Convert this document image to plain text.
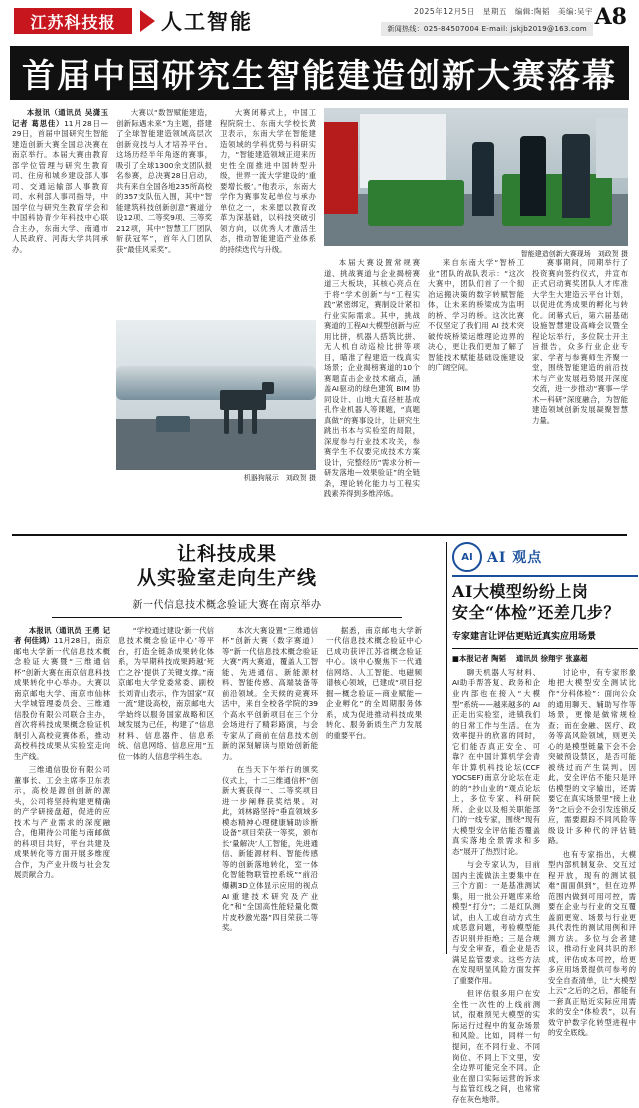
江苏科技报	人工智能	2025年12月5日　星期五　编辑:陶韬　美编:吴宇
新闻热线：025-84507004 E-mail: jskjb2019@163.com A8
首届中国研究生智能建造创新大赛落幕

本报讯（通讯员 吴潇玉 记者 葛思佳）11月28日—29日，首届中国研究生智能建造创新大赛全国总决赛在南京举行。本届大赛由教育部学位管理与研究生教育司、住房和城乡建设部人事司、交通运输部人事教育司、水利部人事司指导，中国学位与研究生教育学会和中国科协青少年科技中心联合主办，东南大学、南通市人民政府、河海大学共同承办。

大赛以“数智赋能建造，创新际遇未来”为主题，搭建了全球智能建造领域高层次创新竞技与人才培养平台。这场历经半年角逐的赛事，吸引了全球1300余支团队报名参赛，总决赛28日启动，共有来自全国各地235所高校的357支队伍入围，其中“智能建筑科技创新创意”赛道分设12项、二等奖9项、三等奖212项，其中“智慧工厂团队斩获冠军”，首年入门团队获“最佳风采奖”。

大赛闭幕式上，中国工程院院士、东南大学校长黄卫表示，东南大学在智能建造领域的学科优势与科研实力，“智能建造领域正迎来历史性全面推进中国转型升级，世界一流大学建设的‘重要增长极’。”他表示，东南大学作为赛事发起单位与承办单位之一，未来愿以教育改革为深基础，以科技突破引领方向，以优秀人才激活生态，推动智能建造产业体系的持续迭代与升级。

智能建造创新大赛现场　刘政贺 摄

本届大赛设置常规赛道、挑战赛道与企业揭榜赛道三大板块，其核心亮点在于将“学术创新”与“工程实践”紧密绑定，赛制设计紧扣行业实际需求。其中，挑战赛道的工程AI大模型创新与应用比拼，机器人搭筑比拼、无人机自动巡检比拼等项目，瞄准了程建造一线真实场景；企业揭榜赛道的10个赛题直击企业技术痛点，涵盖AI驱动的绿色建筑 BIM 协同设计、山地大直径桩基成孔作业机器人等课题，“真题真做”的赛事设计，让研究生跳出书本与实验室的局限，深度参与行业技术攻关，参赛学生不仅要完成技术方案设计，完整经历“需求分析—研发落地—效果验证”的全链条，理论转化能力与工程实践素养得到多维淬炼。

来自东南大学“智桥工业”团队的战队表示：“这次大赛中，团队们首了一个彻冶运搬决策的数字转赋智能体，让未来的桥梁成为监明的桥、学习的桥。这次比赛不仅坚定了我们用 AI 技术突破传统桥梁运维理论边界的决心，更让我们更加了解了智能技术赋能基础设施建设的广阔空间。

赛事期间，同期举行了投资赛向签约仪式，并宣布正式启动赛奖团队人才库准大学生大建造云平台计划，以促进优秀成果的孵化与转化。闭幕式后，第六届基础设施智慧建设高峰会议暨全程论坛举行，多位院士开主旨报告，众多行业企业专家、学者与参赛师生齐聚一堂，围绕智能建造的前沿技术与产业发展趋势展开深度交流，进一步推动“赛事—学术—科研”深度融合，为智能建造领域创新发展凝聚智慧力量。

机器狗展示　刘政贺 摄
让科技成果
从实验室走向生产线
新一代信息技术概念验证大赛在南京举办

本报讯（通讯员 王勇 记者 何佳鸿）11月28日，南京邮电大学新一代信息技术概念验证大赛暨“三维通信杯”创新大赛在南京信息科技成果转化中心举办。大赛以南京邮电大学、南京市仙林大学城管理委员会、三维通信股份有限公司联合主办，首次将科技成果概念验证机制引入高校竞赛体系，推动高校科技成果从实验室走向生产线。

三维通信股份有限公司董事长、工会主席李卫东表示，高校是源创创新的源头，公司将坚持构建更精确的产学研接盘超，促进的应技术与产业需求的深度融合，他期待公司能与南邮做的科项目共好，平台共建及成果转化等方面开展多维度合作，为产业升级与社会发展贡献合力。

“学校通过建设‘新一代信息技术概念验证中心’等平台，打造全链条成果转化体系，为早期科技成果跨越‘死亡之谷’提供了关键支撑。”南京邮电大学党委常委、副校长刘青山表示，作为国家“双一流”建设高校，南京邮电大学始终以服务国家战略和区域发展为己任，构建了“信息材料、信息器件、信息系统、信息网络、信息应用”五位一体的人信息学科生态。

本次大赛设置“三维通信杯”创新大赛（数字赛道）等“新一代信息技术概念验证大赛”两大赛道，覆盖人工智能、先进通信、新能源材料、智能传感、高端装备等前沿领域。全天候的竞赛环活中，来自全校各学院的39个高水平创新项目在三个分会场进行了精彩路演，与会专家从了商前在信息技术创新的深刻解读与原始创新能力。

在当天下午举行的颁奖仪式上，十二三维通信杯”创新大赛获得一、二等奖项目进一步阐释获奖结果。对此，刘林路坚持“垂直领域多模态精神心理健康辅助诊断设备”项目荣获一等奖，颁布长‘量解决’人工智能，先进通信、新能源材料、智能传感等的创新落地转化，室一体化智能物联管控系统”“前沿爆耦3D立体显示应用的视点AI重建技术研究及产业化”和“全国高性能轻量化微片皮秒激光器”四目荣获二等奖。

据悉，南京邮电大学新一代信息技术概念验证中心已成功获评江苏省概念验证中心。该中心聚焦下一代通信网络、人工智能、电磁频谱核心领域，已建成“项目挖掘—概念验证—商业赋能—企业孵化”的全周期服务体系，成为促进推动科技成果转化、服务新质生产力发展的重要平台。

AI	AI 观点
AI大模型纷纷上岗
安全“体检”还差几步？
专家建言让评估更贴近真实应用场景
■本报记者 陶韬 　通讯员 徐翔宇 张嘉超

聊天机器人写材料、AI助手帮答复、政务和企业内部也在接入“大模型”系统——越来越多的 AI 正走出实验室，进镇我们的日常工作与生活。在为效率提升的欣喜的同时，它们能否真正安全、可靠？在中国计算机学会青年计算机科技论坛(CCF YOCSEF)南京分论坛在走的的“抄山业的”观点论坛上，多位专家、科研院所、企业以及相关职能部门的一线专家，围绕“现有大模型安全评估能否覆盖真实落地全景需求和多态”展开了热烈讨论。

与会专家认为，目前国内主流做法主要集中在三个方面：一是基准测试集，用一批公开题库来给模型“打分”；二是红队测试，由人工或自动方式生成恶意问题，考验模型能否识别并拒绝；三是合规与安全审查，看企业是否满足监管要求。这些方法在发现明显风险方面发挥了重要作用。

但评估很多用户在安全性一次性的上线前测试，很难预见大模型的实际运行过程中的复杂场景和风险。比如，同样一句提问，在不同行业、不同岗位、不同上下文里，安全边界可能完全不同。企业在窗口实际运营的诉求与监管红线之间，也常常存在灰色地带。

讨论中，有专家形象地把大模型安全测试比作“分科体检”：面向公众的通用聊天、辅助写作等场景，更像是做常规检查；而在金融、医疗、政务等高风险领域，则更关心的是模型链量下会不会突破预设禁区，是否可能被绕过而产生误判。因此，安全评估不能只是评估模型的文字输出，还需要它在真实场景里“接上业务”之后会不会引发连锁反应，需要跟踪不同风险等级设计多种代的评估链路。

也有专家指出，大模型内部机制复杂、交互过程开放，现有的测试很难“面面俱到”，但在边界范围内做到可用可控，需要在企业与行业的交互覆盖面更宽、场景与行业更具代表性的测试用例和评测方法。多位与会者建议，推动行业间共识的形成，评估成本可控，给更多应用场景提供可参考的安全自查清单，让“大模型上云”之后的之后，都能有一套真正贴近实际应用需求的安全“体检表”，以有效守护数字化转型进程中的安全底线。
